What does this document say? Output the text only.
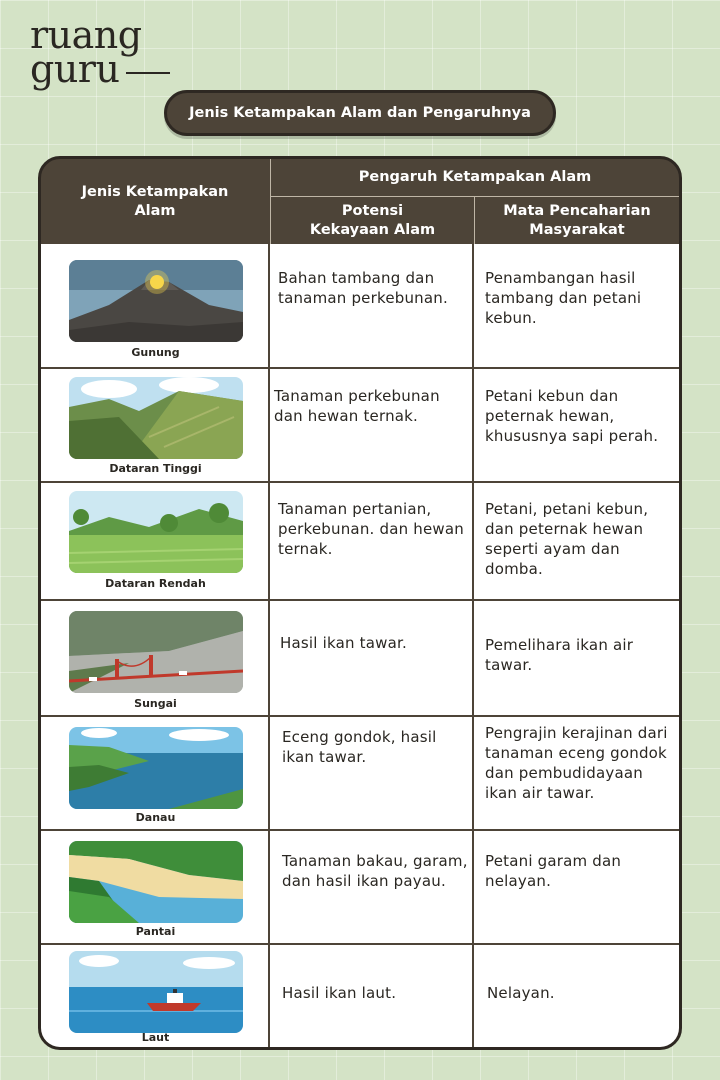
ruang
guru
Jenis Ketampakan Alam dan Pengaruhnya
Jenis Ketampakan Alam
Pengaruh Ketampakan Alam
Potensi Kekayaan Alam
Mata Pencaharian Masyarakat
Gunung
Bahan tambang dan tanaman perkebunan.
Penambangan hasil tambang dan petani kebun.
Dataran Tinggi
Tanaman perkebunan dan hewan ternak.
Petani kebun dan peternak hewan, khususnya sapi perah.
Dataran Rendah
Tanaman pertanian, perkebunan. dan hewan ternak.
Petani, petani kebun, dan peternak hewan seperti ayam dan domba.
Sungai
Hasil ikan tawar.	Pemelihara ikan air tawar.
Danau
Eceng gondok, hasil ikan tawar.
Pengrajin kerajinan dari tanaman eceng gondok dan pembudidayaan ikan air tawar.
Pantai
Tanaman bakau, garam, dan hasil ikan payau.
Petani garam dan nelayan.
Laut
Hasil ikan laut.	Nelayan.
